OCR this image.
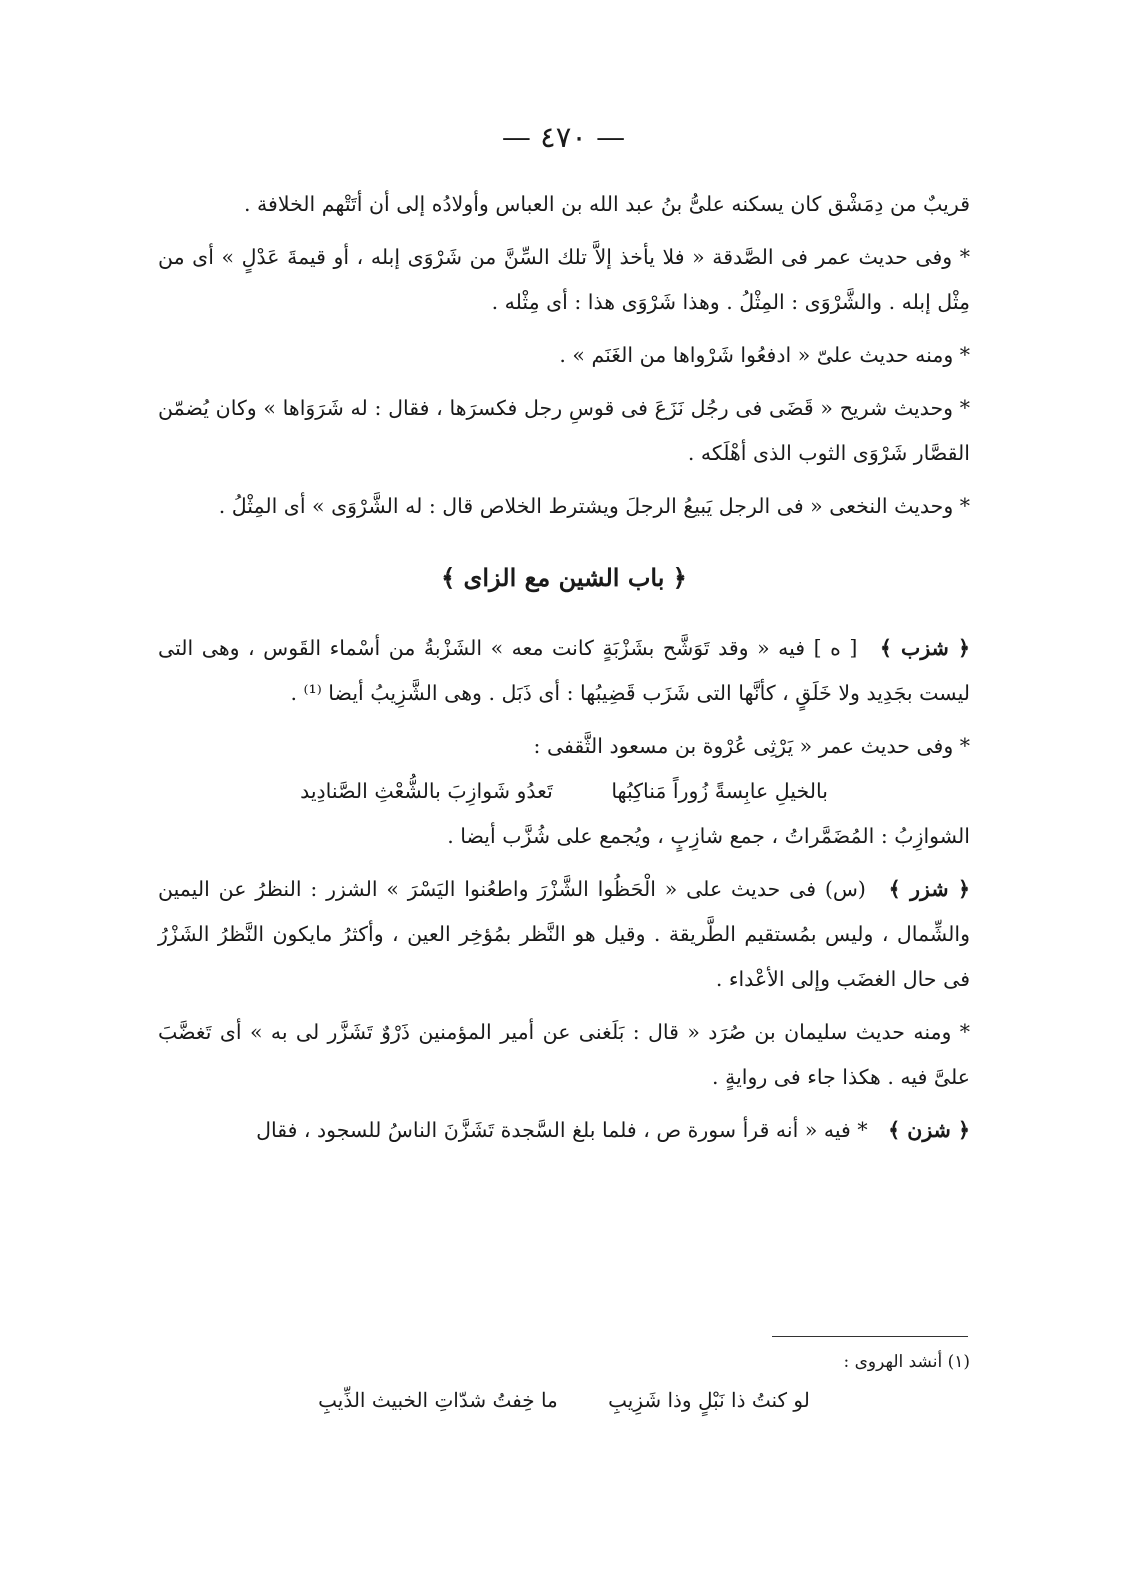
— ٤٧٠ —

قريبٌ من دِمَشْق كان يسكنه علىُّ بنُ عبد الله بن العباس وأولادُه إلى أن أتَتْهم الخلافة .

* وفى حديث عمر فى الصَّدقة « فلا يأخذ إلاَّ تلك السِّنَّ من شَرْوَى إبله ، أو قيمةَ عَدْلٍ » أى من مِثْل إبله . والشَّرْوَى : المِثْلُ . وهذا شَرْوَى هذا : أى مِثْله .

* ومنه حديث علىّ « ادفعُوا شَرْواها من الغَنَم » .

* وحديث شريح « قَضَى فى رجُل نَزَعَ فى قوسِ رجل فكسرَها ، فقال : له شَرَوَاها » وكان يُضمّن القصَّار شَرْوَى الثوب الذى أهْلَكه .

* وحديث النخعى « فى الرجل يَبيعُ الرجلَ ويشترط الخلاص قال : له الشَّرْوَى » أى المِثْلُ .

﴿ باب الشين مع الزاى ﴾

﴿ شزب ﴾ [ ه ] فيه « وقد تَوَشَّح بشَزْبَةٍ كانت معه » الشَزْبةُ من أسْماء القَوس ، وهى التى ليست بجَدِيد ولا خَلَقٍ ، كأنَّها التى شَزَب قَضِيبُها : أى ذَبَل . وهى الشَّزِيبُ أيضا ⁽¹⁾ .

* وفى حديث عمر « يَرْثِى عُرْوة بن مسعود الثَّقفى :

بالخيلِ عابِسةً زُوراً مَناكِبُها تَعدُو شَوازِبَ بالشُّعْثِ الصَّنادِيد

الشوازِبُ : المُضَمَّراتُ ، جمع شازِبٍ ، ويُجمع على شُزَّب أيضا .

﴿ شزر ﴾ (س) فى حديث على « الْحَظُوا الشَّزْرَ واطعُنوا اليَسْرَ » الشزر : النظرُ عن اليمين والشِّمال ، وليس بمُستقيم الطَّريقة . وقيل هو النَّظر بمُؤخِر العين ، وأكثرُ مايكون النَّظرُ الشَزْرُ فى حال الغضَب وإلى الأعْداء .

* ومنه حديث سليمان بن صُرَد « قال : بَلَغنى عن أمير المؤمنين ذَرْوٌ تَشَزَّر لى به » أى تَغضَّبَ علىَّ فيه . هكذا جاء فى روايةٍ .

﴿ شزن ﴾ * فيه « أنه قرأ سورة ص ، فلما بلغ السَّجدة تَشَزَّنَ الناسُ للسجود ، فقال

(١) أنشد الهروى :
لو كنتُ ذا نَبْلٍ وذا شَزِيبِ ما خِفتُ شدّاتِ الخبيث الذِّيبِ
